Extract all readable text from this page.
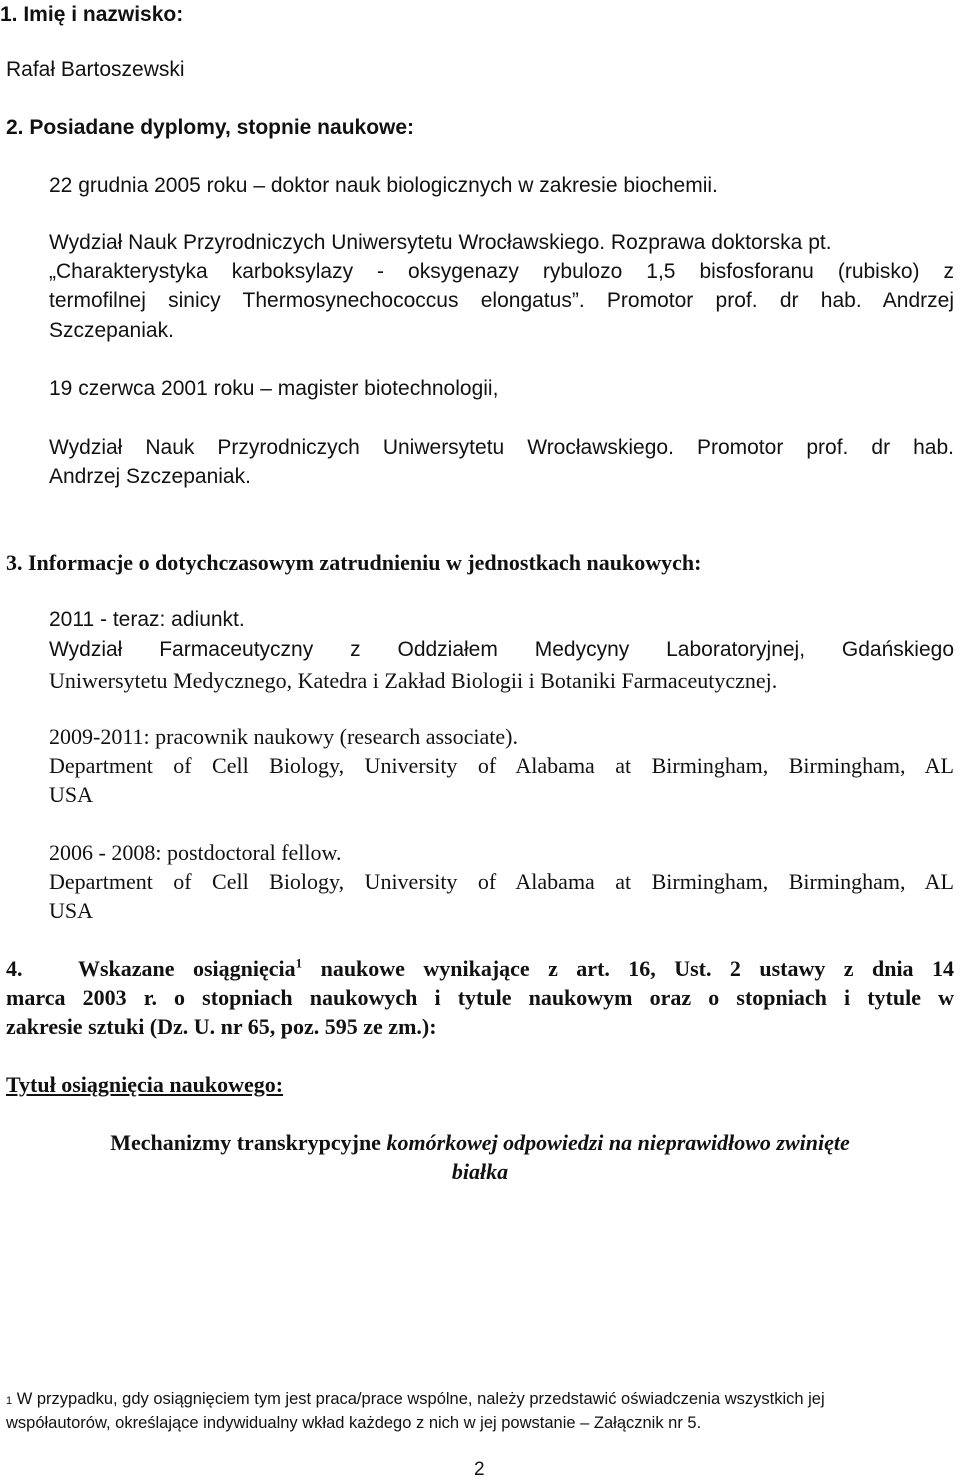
1. Imię i nazwisko:
Rafał Bartoszewski
2. Posiadane dyplomy, stopnie naukowe:
22 grudnia 2005 roku – doktor nauk biologicznych w zakresie biochemii.
Wydział Nauk Przyrodniczych Uniwersytetu Wrocławskiego. Rozprawa doktorska pt.
„Charakterystyka karboksylazy - oksygenazy rybulozo 1,5 bisfosforanu (rubisko) z
termofilnej sinicy Thermosynechococcus elongatus”. Promotor prof. dr hab. Andrzej
Szczepaniak.
19 czerwca 2001 roku – magister biotechnologii,
Wydział Nauk Przyrodniczych Uniwersytetu Wrocławskiego. Promotor prof. dr hab.
Andrzej Szczepaniak.
3. Informacje o dotychczasowym zatrudnieniu w jednostkach naukowych:
2011 - teraz: adiunkt.
Wydział Farmaceutyczny z Oddziałem Medycyny Laboratoryjnej, Gdańskiego
Uniwersytetu Medycznego, Katedra i Zakład Biologii i Botaniki Farmaceutycznej.
2009-2011: pracownik naukowy (research associate).
Department of Cell Biology, University of Alabama at Birmingham, Birmingham, AL
USA
2006 - 2008: postdoctoral fellow.
Department of Cell Biology, University of Alabama at Birmingham, Birmingham, AL
USA
4.	Wskazane osiągnięcia$^1$ naukowe wynikające z art. 16, Ust. 2 ustawy z dnia 14
marca 2003 r. o stopniach naukowych i tytule naukowym oraz o stopniach i tytule w
zakresie sztuki (Dz. U. nr 65, poz. 595 ze zm.):
Tytuł osiągnięcia naukowego:
Mechanizmy transkrypcyjne komórkowej odpowiedzi na nieprawidłowo zwinięte
białka
1 W przypadku, gdy osiągnięciem tym jest praca/prace wspólne, należy przedstawić oświadczenia wszystkich jej
współautorów, określające indywidualny wkład każdego z nich w jej powstanie – Załącznik nr 5.
2
